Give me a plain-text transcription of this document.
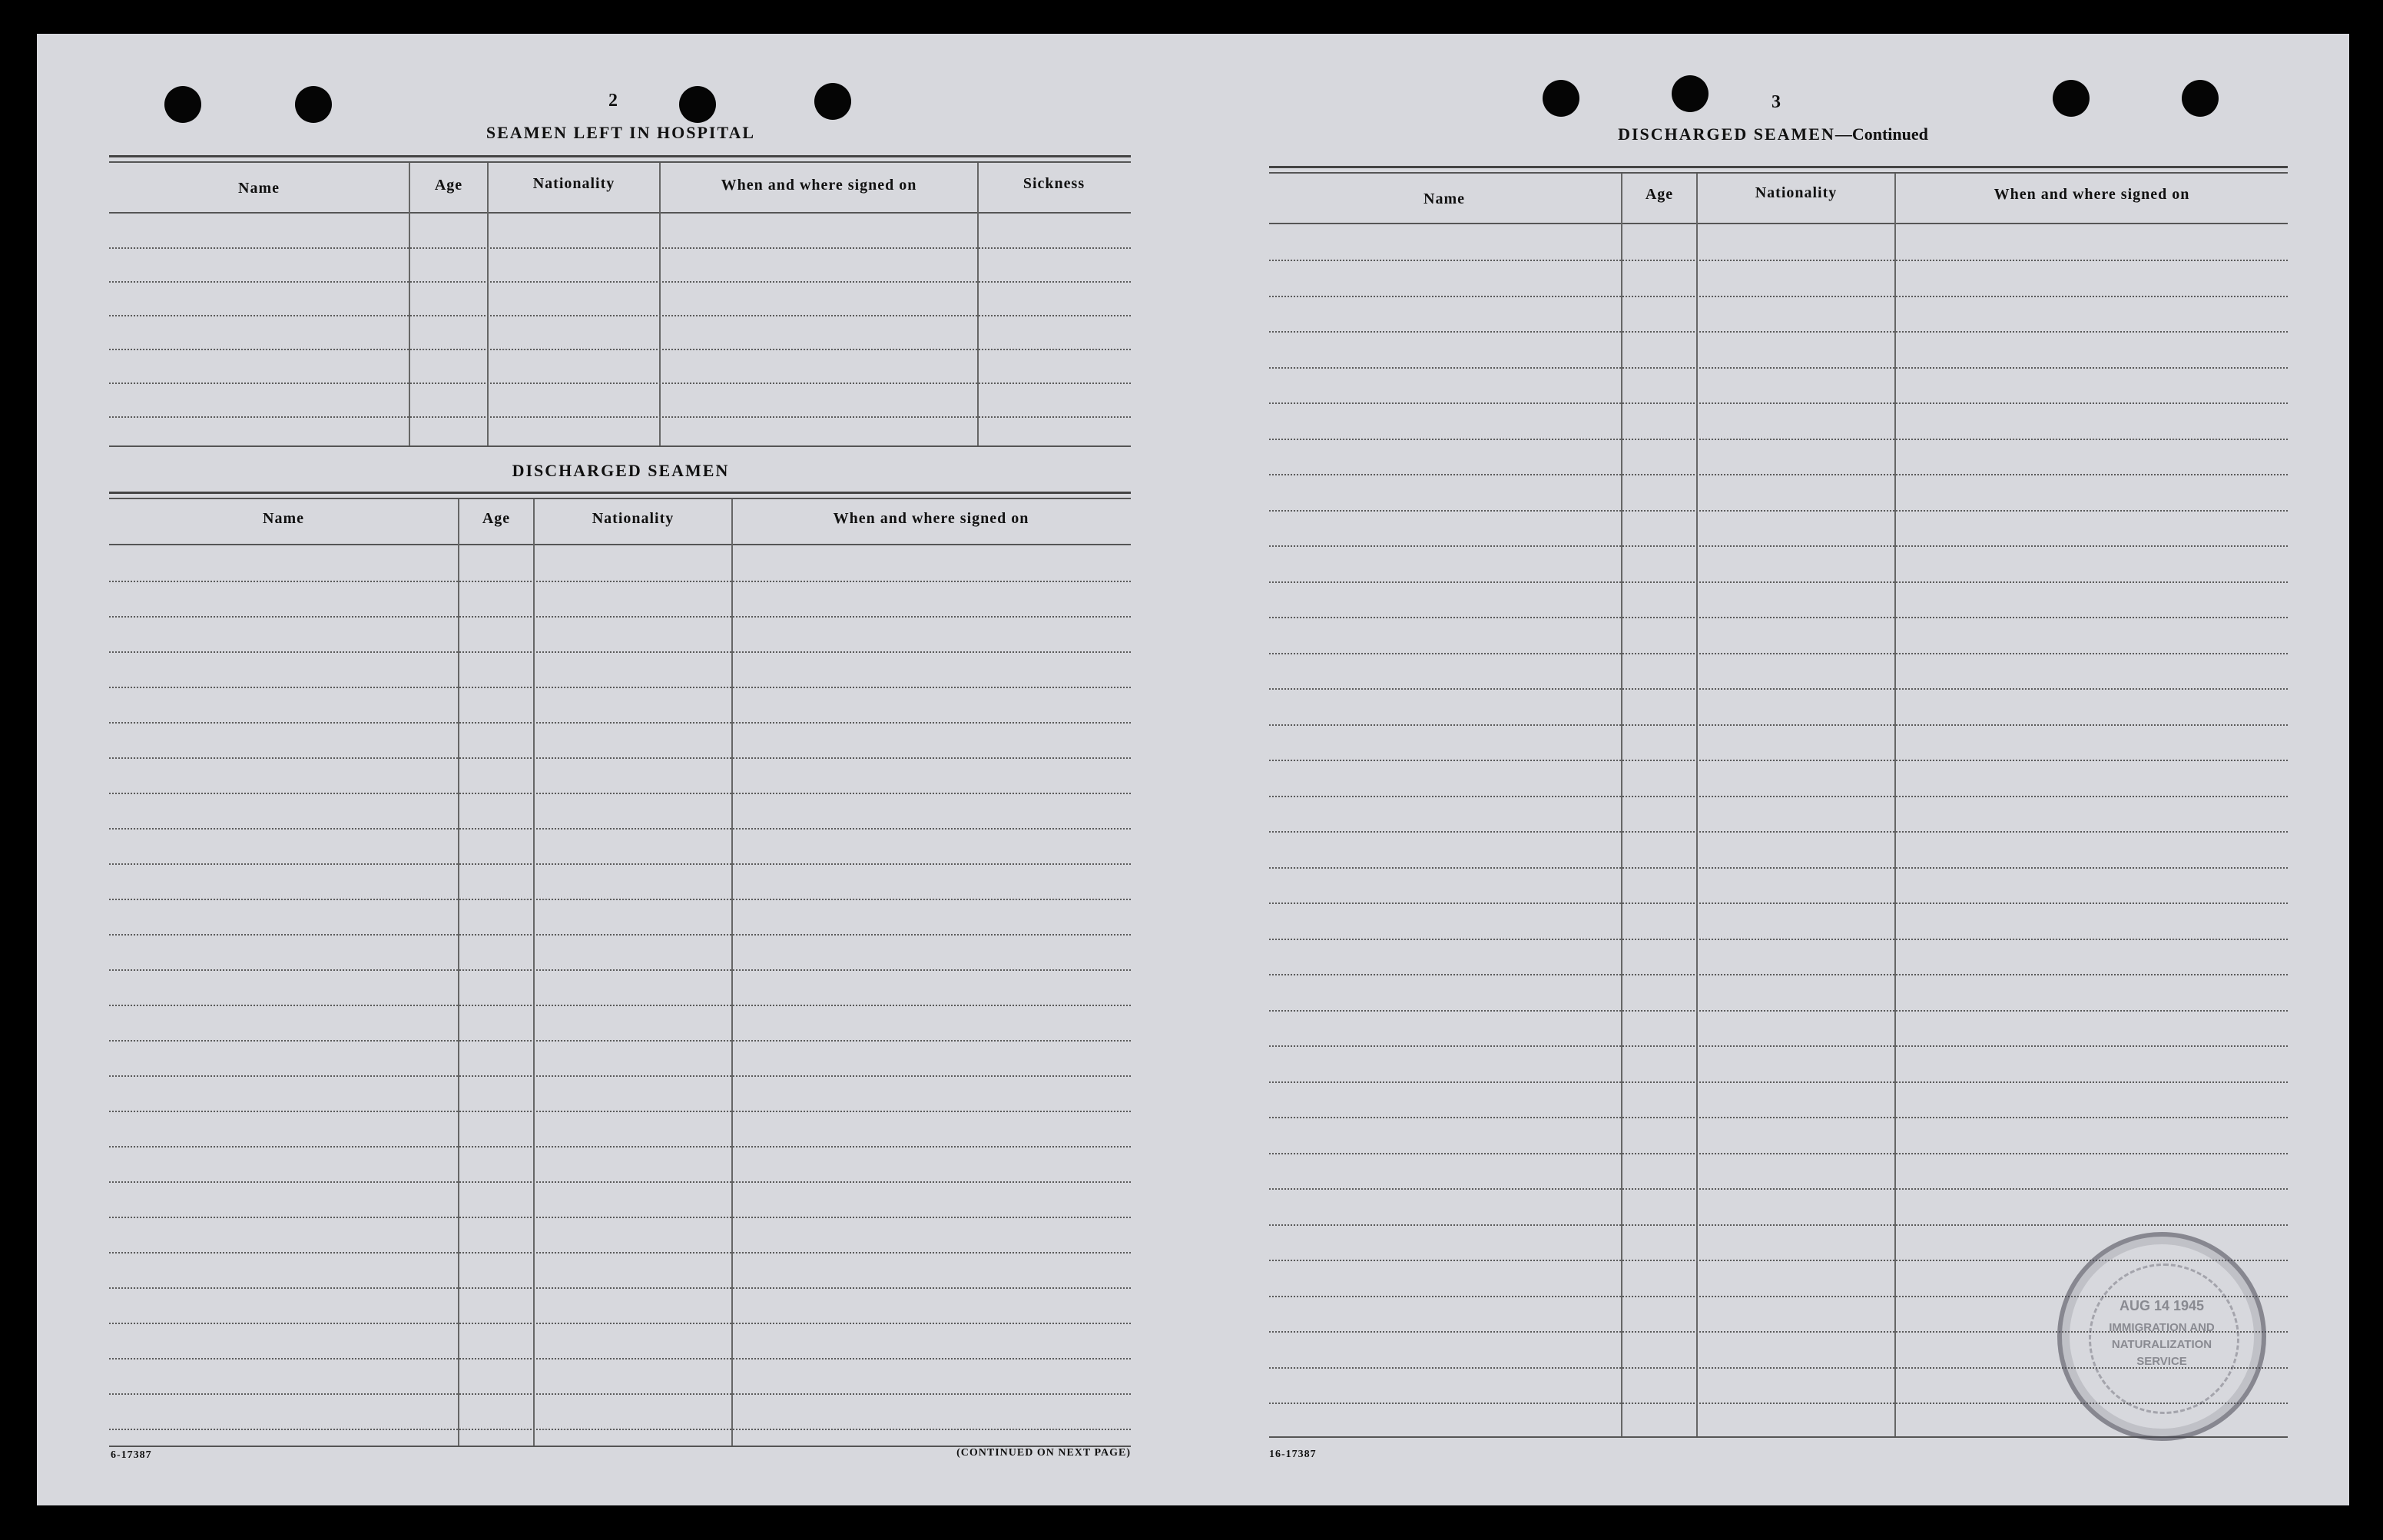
2
SEAMEN LEFT IN HOSPITAL
Name	Age	Nationality	When and where signed on	Sickness
DISCHARGED SEAMEN
Name	Age	Nationality	When and where signed on
6-17387	(CONTINUED ON NEXT PAGE)
3
DISCHARGED SEAMEN—Continued
Name	Age	Nationality	When and where signed on
16-17387
AUG 14 1945
IMMIGRATION AND
NATURALIZATION
SERVICE
